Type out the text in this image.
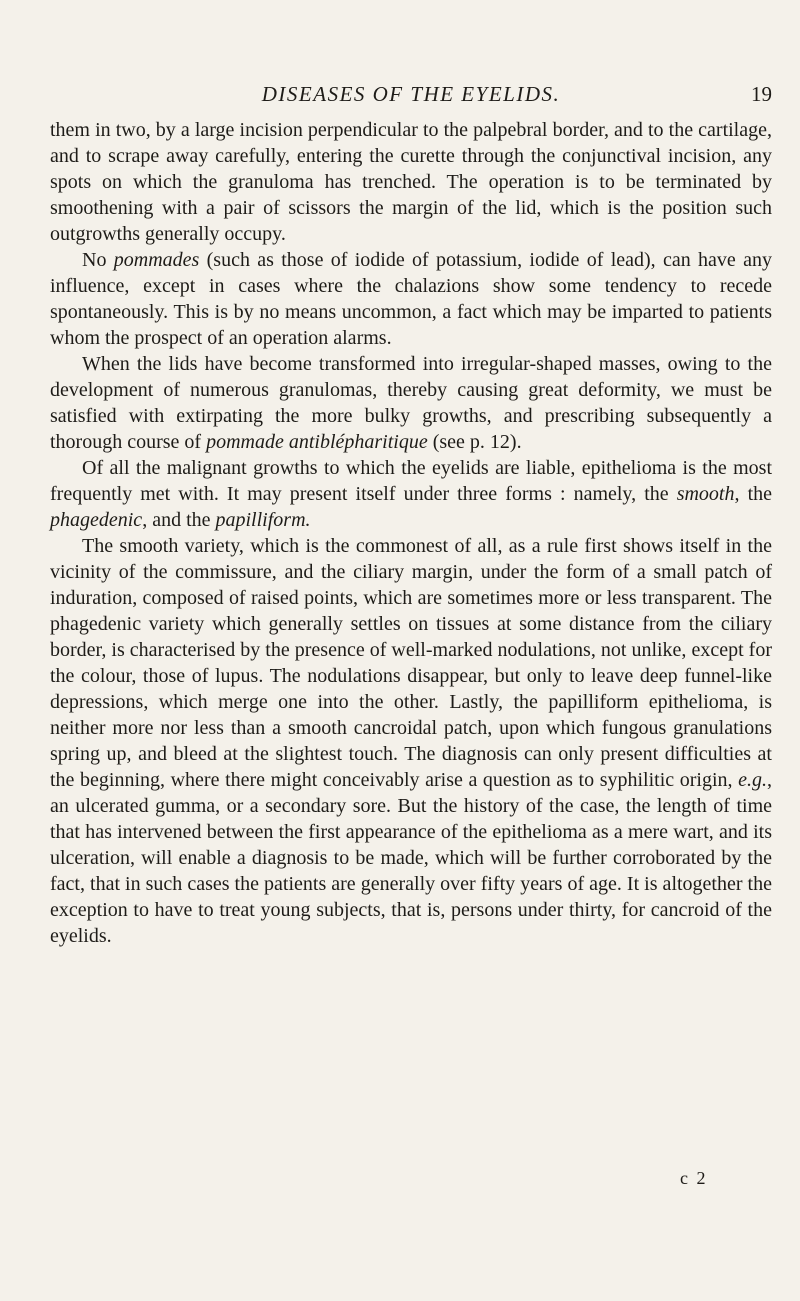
DISEASES OF THE EYELIDS.	19

them in two, by a large incision perpendicular to the palpebral border, and to the cartilage, and to scrape away carefully, entering the curette through the conjunctival incision, any spots on which the granuloma has trenched. The operation is to be terminated by smoothening with a pair of scissors the margin of the lid, which is the position such outgrowths generally occupy.

No pommades (such as those of iodide of potassium, iodide of lead), can have any influence, except in cases where the chalazions show some tendency to recede spontaneously. This is by no means uncommon, a fact which may be imparted to patients whom the prospect of an operation alarms.

When the lids have become transformed into irregular-shaped masses, owing to the development of numerous granulomas, thereby causing great deformity, we must be satisfied with extirpating the more bulky growths, and prescribing subsequently a thorough course of pommade antiblépharitique (see p. 12).

Of all the malignant growths to which the eyelids are liable, epithelioma is the most frequently met with. It may present itself under three forms : namely, the smooth, the phagedenic, and the papilliform.

The smooth variety, which is the commonest of all, as a rule first shows itself in the vicinity of the commissure, and the ciliary margin, under the form of a small patch of induration, composed of raised points, which are sometimes more or less transparent. The phagedenic variety which generally settles on tissues at some distance from the ciliary border, is characterised by the presence of well-marked nodulations, not unlike, except for the colour, those of lupus. The nodulations disappear, but only to leave deep funnel-like depressions, which merge one into the other. Lastly, the papilliform epithelioma, is neither more nor less than a smooth cancroidal patch, upon which fungous granulations spring up, and bleed at the slightest touch. The diagnosis can only present difficulties at the beginning, where there might conceivably arise a question as to syphilitic origin, e.g., an ulcerated gumma, or a secondary sore. But the history of the case, the length of time that has intervened between the first appearance of the epithelioma as a mere wart, and its ulceration, will enable a diagnosis to be made, which will be further corroborated by the fact, that in such cases the patients are generally over fifty years of age. It is altogether the exception to have to treat young subjects, that is, persons under thirty, for cancroid of the eyelids.

c 2
